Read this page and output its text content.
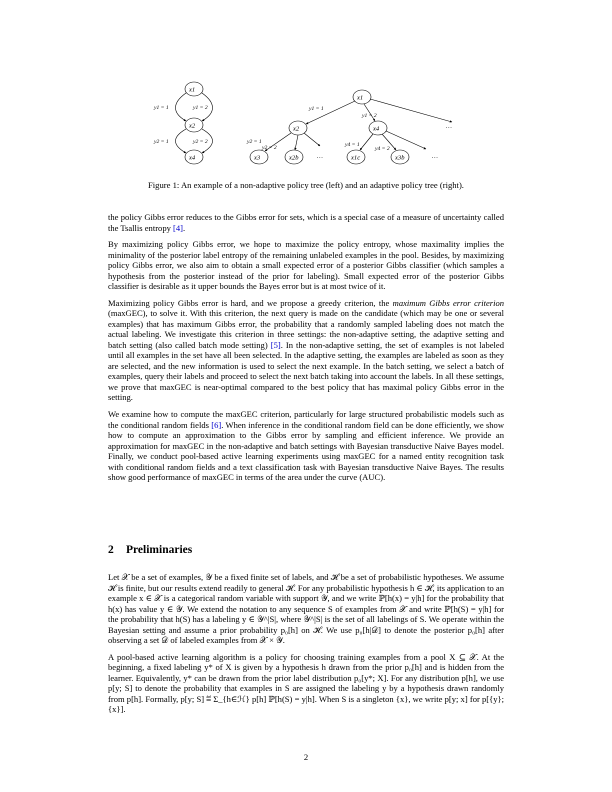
x1
x2
x4
y1 = 1	y1 = 2
y2 = 1	y2 = 2
x1
x2	x4
x3	x2b	x1c	x3b
y1 = 1
y1 = 2
y2 = 1
y2 = 2	y4 = 1
y4 = 2
…
…	…
Figure 1: An example of a non-adaptive policy tree (left) and an adaptive policy tree (right).

the policy Gibbs error reduces to the Gibbs error for sets, which is a special case of a measure of uncertainty called the Tsallis entropy [4].

By maximizing policy Gibbs error, we hope to maximize the policy entropy, whose maximality implies the minimality of the posterior label entropy of the remaining unlabeled examples in the pool. Besides, by maximizing policy Gibbs error, we also aim to obtain a small expected error of a posterior Gibbs classifier (which samples a hypothesis from the posterior instead of the prior for labeling). Small expected error of the posterior Gibbs classifier is desirable as it upper bounds the Bayes error but is at most twice of it.

Maximizing policy Gibbs error is hard, and we propose a greedy criterion, the maximum Gibbs error criterion (maxGEC), to solve it. With this criterion, the next query is made on the candidate (which may be one or several examples) that has maximum Gibbs error, the probability that a randomly sampled labeling does not match the actual labeling. We investigate this criterion in three settings: the non-adaptive setting, the adaptive setting and batch setting (also called batch mode setting) [5]. In the non-adaptive setting, the set of examples is not labeled until all examples in the set have all been selected. In the adaptive setting, the examples are labeled as soon as they are selected, and the new information is used to select the next example. In the batch setting, we select a batch of examples, query their labels and proceed to select the next batch taking into account the labels. In all these settings, we prove that maxGEC is near-optimal compared to the best policy that has maximal policy Gibbs error in the setting.

We examine how to compute the maxGEC criterion, particularly for large structured probabilistic models such as the conditional random fields [6]. When inference in the conditional random field can be done efficiently, we show how to compute an approximation to the Gibbs error by sampling and efficient inference. We provide an approximation for maxGEC in the non-adaptive and batch settings with Bayesian transductive Naive Bayes model. Finally, we conduct pool-based active learning experiments using maxGEC for a named entity recognition task with conditional random fields and a text classification task with Bayesian transductive Naive Bayes. The results show good performance of maxGEC in terms of the area under the curve (AUC).

2 Preliminaries

Let 𝒳 be a set of examples, 𝒴 be a fixed finite set of labels, and ℋ be a set of probabilistic hypotheses. We assume ℋ is finite, but our results extend readily to general ℋ. For any probabilistic hypothesis h ∈ ℋ, its application to an example x ∈ 𝒳 is a categorical random variable with support 𝒴, and we write ℙ[h(x) = y|h] for the probability that h(x) has value y ∈ 𝒴. We extend the notation to any sequence S of examples from 𝒳 and write ℙ[h(S) = y|h] for the probability that h(S) has a labeling y ∈ 𝒴^|S|, where 𝒴^|S| is the set of all labelings of S. We operate within the Bayesian setting and assume a prior probability p₀[h] on ℋ. We use p₀[h|𝒟] to denote the posterior p₀[h] after observing a set 𝒟 of labeled examples from 𝒳 × 𝒴.

A pool-based active learning algorithm is a policy for choosing training examples from a pool X ⊆ 𝒳. At the beginning, a fixed labeling y* of X is given by a hypothesis h drawn from the prior p₀[h] and is hidden from the learner. Equivalently, y* can be drawn from the prior label distribution p₀[y*; X]. For any distribution p[h], we use p[y; S] to denote the probability that examples in S are assigned the labeling y by a hypothesis drawn randomly from p[h]. Formally, p[y; S] ≝ Σ_{h∈ℋ} p[h] ℙ[h(S) = y|h]. When S is a singleton {x}, we write p[y; x] for p[{y}; {x}].

2
